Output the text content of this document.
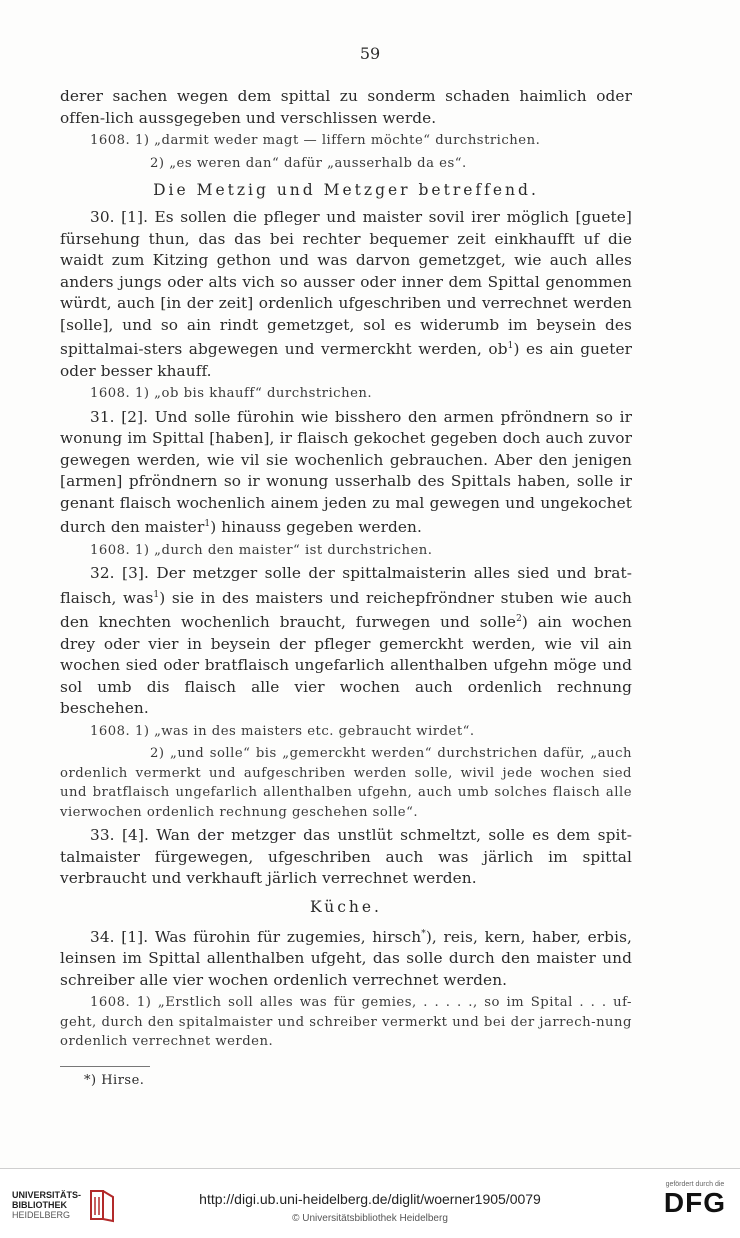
59

derer sachen wegen dem spittal zu sonderm schaden haimlich oder offen-lich aussgegeben und verschlissen werde.

1608. 1) „darmit weder magt — liffern möchte“ durchstrichen.

2) „es weren dan“ dafür „ausserhalb da es“.

Die Metzig und Metzger betreffend.

30. [1]. Es sollen die pfleger und maister sovil irer möglich [guete] fürsehung thun, das das bei rechter bequemer zeit einkhaufft uf die waidt zum Kitzing gethon und was darvon gemetzget, wie auch alles anders jungs oder alts vich so ausser oder inner dem Spittal genommen würdt, auch [in der zeit] ordenlich ufgeschriben und verrechnet werden [solle], und so ain rindt gemetzget, sol es widerumb im beysein des spittalmai-sters abgewegen und vermerckht werden, $ob^1$) es ain gueter oder besser khauff.

1608. 1) „ob bis khauff“ durchstrichen.

31. [2]. Und solle fürohin wie bisshero den armen pfröndnern so ir wonung im Spittal [haben], ir flaisch gekochet gegeben doch auch zuvor gewegen werden, wie vil sie wochenlich gebrauchen. Aber den jenigen [armen] pfröndnern so ir wonung usserhalb des Spittals haben, solle ir genant flaisch wochenlich ainem jeden zu mal gewegen und ungekochet durch den maister$^1$) hinauss gegeben werden.

1608. 1) „durch den maister“ ist durchstrichen.

32. [3]. Der metzger solle der spittalmaisterin alles sied und brat-flaisch, was$^1$) sie in des maisters und reichepfröndner stuben wie auch den knechten wochenlich braucht, furwegen und solle$^2$) ain wochen drey oder vier in beysein der pfleger gemerckht werden, wie vil ain wochen sied oder bratflaisch ungefarlich allenthalben ufgehn möge und sol umb dis flaisch alle vier wochen auch ordenlich rechnung beschehen.

1608. 1) „was in des maisters etc. gebraucht wirdet“.

2) „und solle“ bis „gemerckht werden“ durchstrichen dafür, „auch ordenlich vermerkt und aufgeschriben werden solle, wivil jede wochen sied und bratflaisch ungefarlich allenthalben ufgehn, auch umb solches flaisch alle vierwochen ordenlich rechnung geschehen solle“.

33. [4]. Wan der metzger das unstlüt schmeltzt, solle es dem spit-talmaister fürgewegen, ufgeschriben auch was järlich im spittal verbraucht und verkhauft järlich verrechnet werden.

Küche.

34. [1]. Was fürohin für zugemies, hirsch*), reis, kern, haber, erbis, leinsen im Spittal allenthalben ufgeht, das solle durch den maister und schreiber alle vier wochen ordenlich verrechnet werden.

1608. 1) „Erstlich soll alles was für gemies, . . . . ., so im Spital . . . uf-geht, durch den spitalmaister und schreiber vermerkt und bei der jarrech-nung ordenlich verrechnet werden.

*) Hirse.
UNIVERSITÄTS-
BIBLIOTHEK
HEIDELBERG
http://digi.ub.uni-heidelberg.de/diglit/woerner1905/0079
© Universitätsbibliothek Heidelberg
gefördert durch die
DFG
